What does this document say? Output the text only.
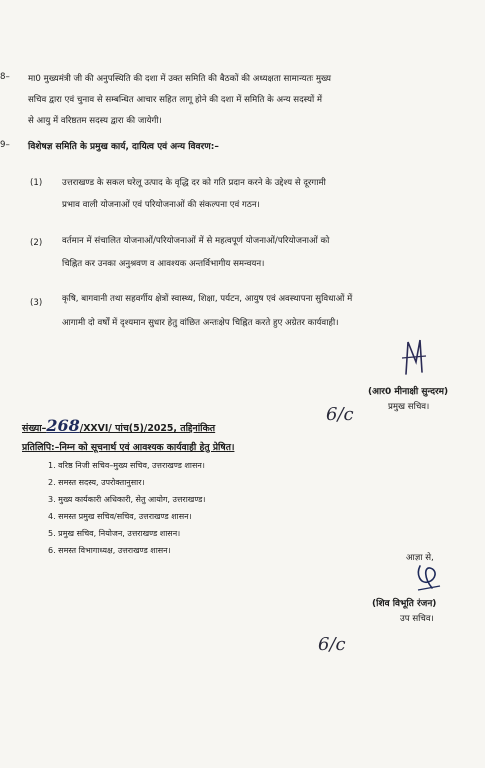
8– मा0 मुख्यमंत्री जी की अनुपस्थिति की दशा में उक्त समिति की बैठकों की अध्यक्षता सामान्यतः मुख्य
सचिव द्वारा एवं चुनाव से सम्बन्धित आचार सहित लागू होने की दशा में समिति के अन्य सदस्यों में
से आयु में वरिष्ठतम सदस्य द्वारा की जायेगी।
9– विशेषज्ञ समिति के प्रमुख कार्य, दायित्व एवं अन्य विवरण:–
(1) उत्तराखण्ड के सकल घरेलू उत्पाद के वृद्धि दर को गति प्रदान करने के उद्देश्य से दूरगामी
प्रभाव वाली योजनाओं एवं परियोजनाओं की संकल्पना एवं गठन।
(2) वर्तमान में संचालित योजनाओं/परियोजनाओं में से महत्वपूर्ण योजनाओं/परियोजनाओं को
चिह्नित कर उनका अनुश्रवण व आवश्यक अन्तर्विभागीय समन्वयन।
(3) कृषि, बागवानी तथा सहवर्गीय क्षेत्रों स्वास्थ्य, शिक्षा, पर्यटन, आयुष एवं अवस्थापना सुविधाओं में
आगामी दो वर्षों में दृश्यमान सुधार हेतु वांछित अन्तःक्षेप चिह्नित करते हुए अग्रेतर कार्यवाही।
(आर0 मीनाक्षी सुन्दरम)
प्रमुख सचिव।
6/c
संख्या–268/XXVI/ पांच(5)/2025, तद्दिनांकित
प्रतिलिपि:–निम्न को सूचनार्थ एवं आवश्यक कार्यवाही हेतु प्रेषित।
1. वरिष्ठ निजी सचिव–मुख्य सचिव, उत्तराखण्ड शासन।
2. समस्त सदस्य, उपरोक्तानुसार।
3. मुख्य कार्यकारी अधिकारी, सेतु आयोग, उत्तराखण्ड।
4. समस्त प्रमुख सचिव/सचिव, उत्तराखण्ड शासन।
5. प्रमुख सचिव, नियोजन, उत्तराखण्ड शासन।
6. समस्त विभागाध्यक्ष, उत्तराखण्ड शासन।
आज्ञा से,
(शिव विभूति रंजन)
उप सचिव।
6/c
